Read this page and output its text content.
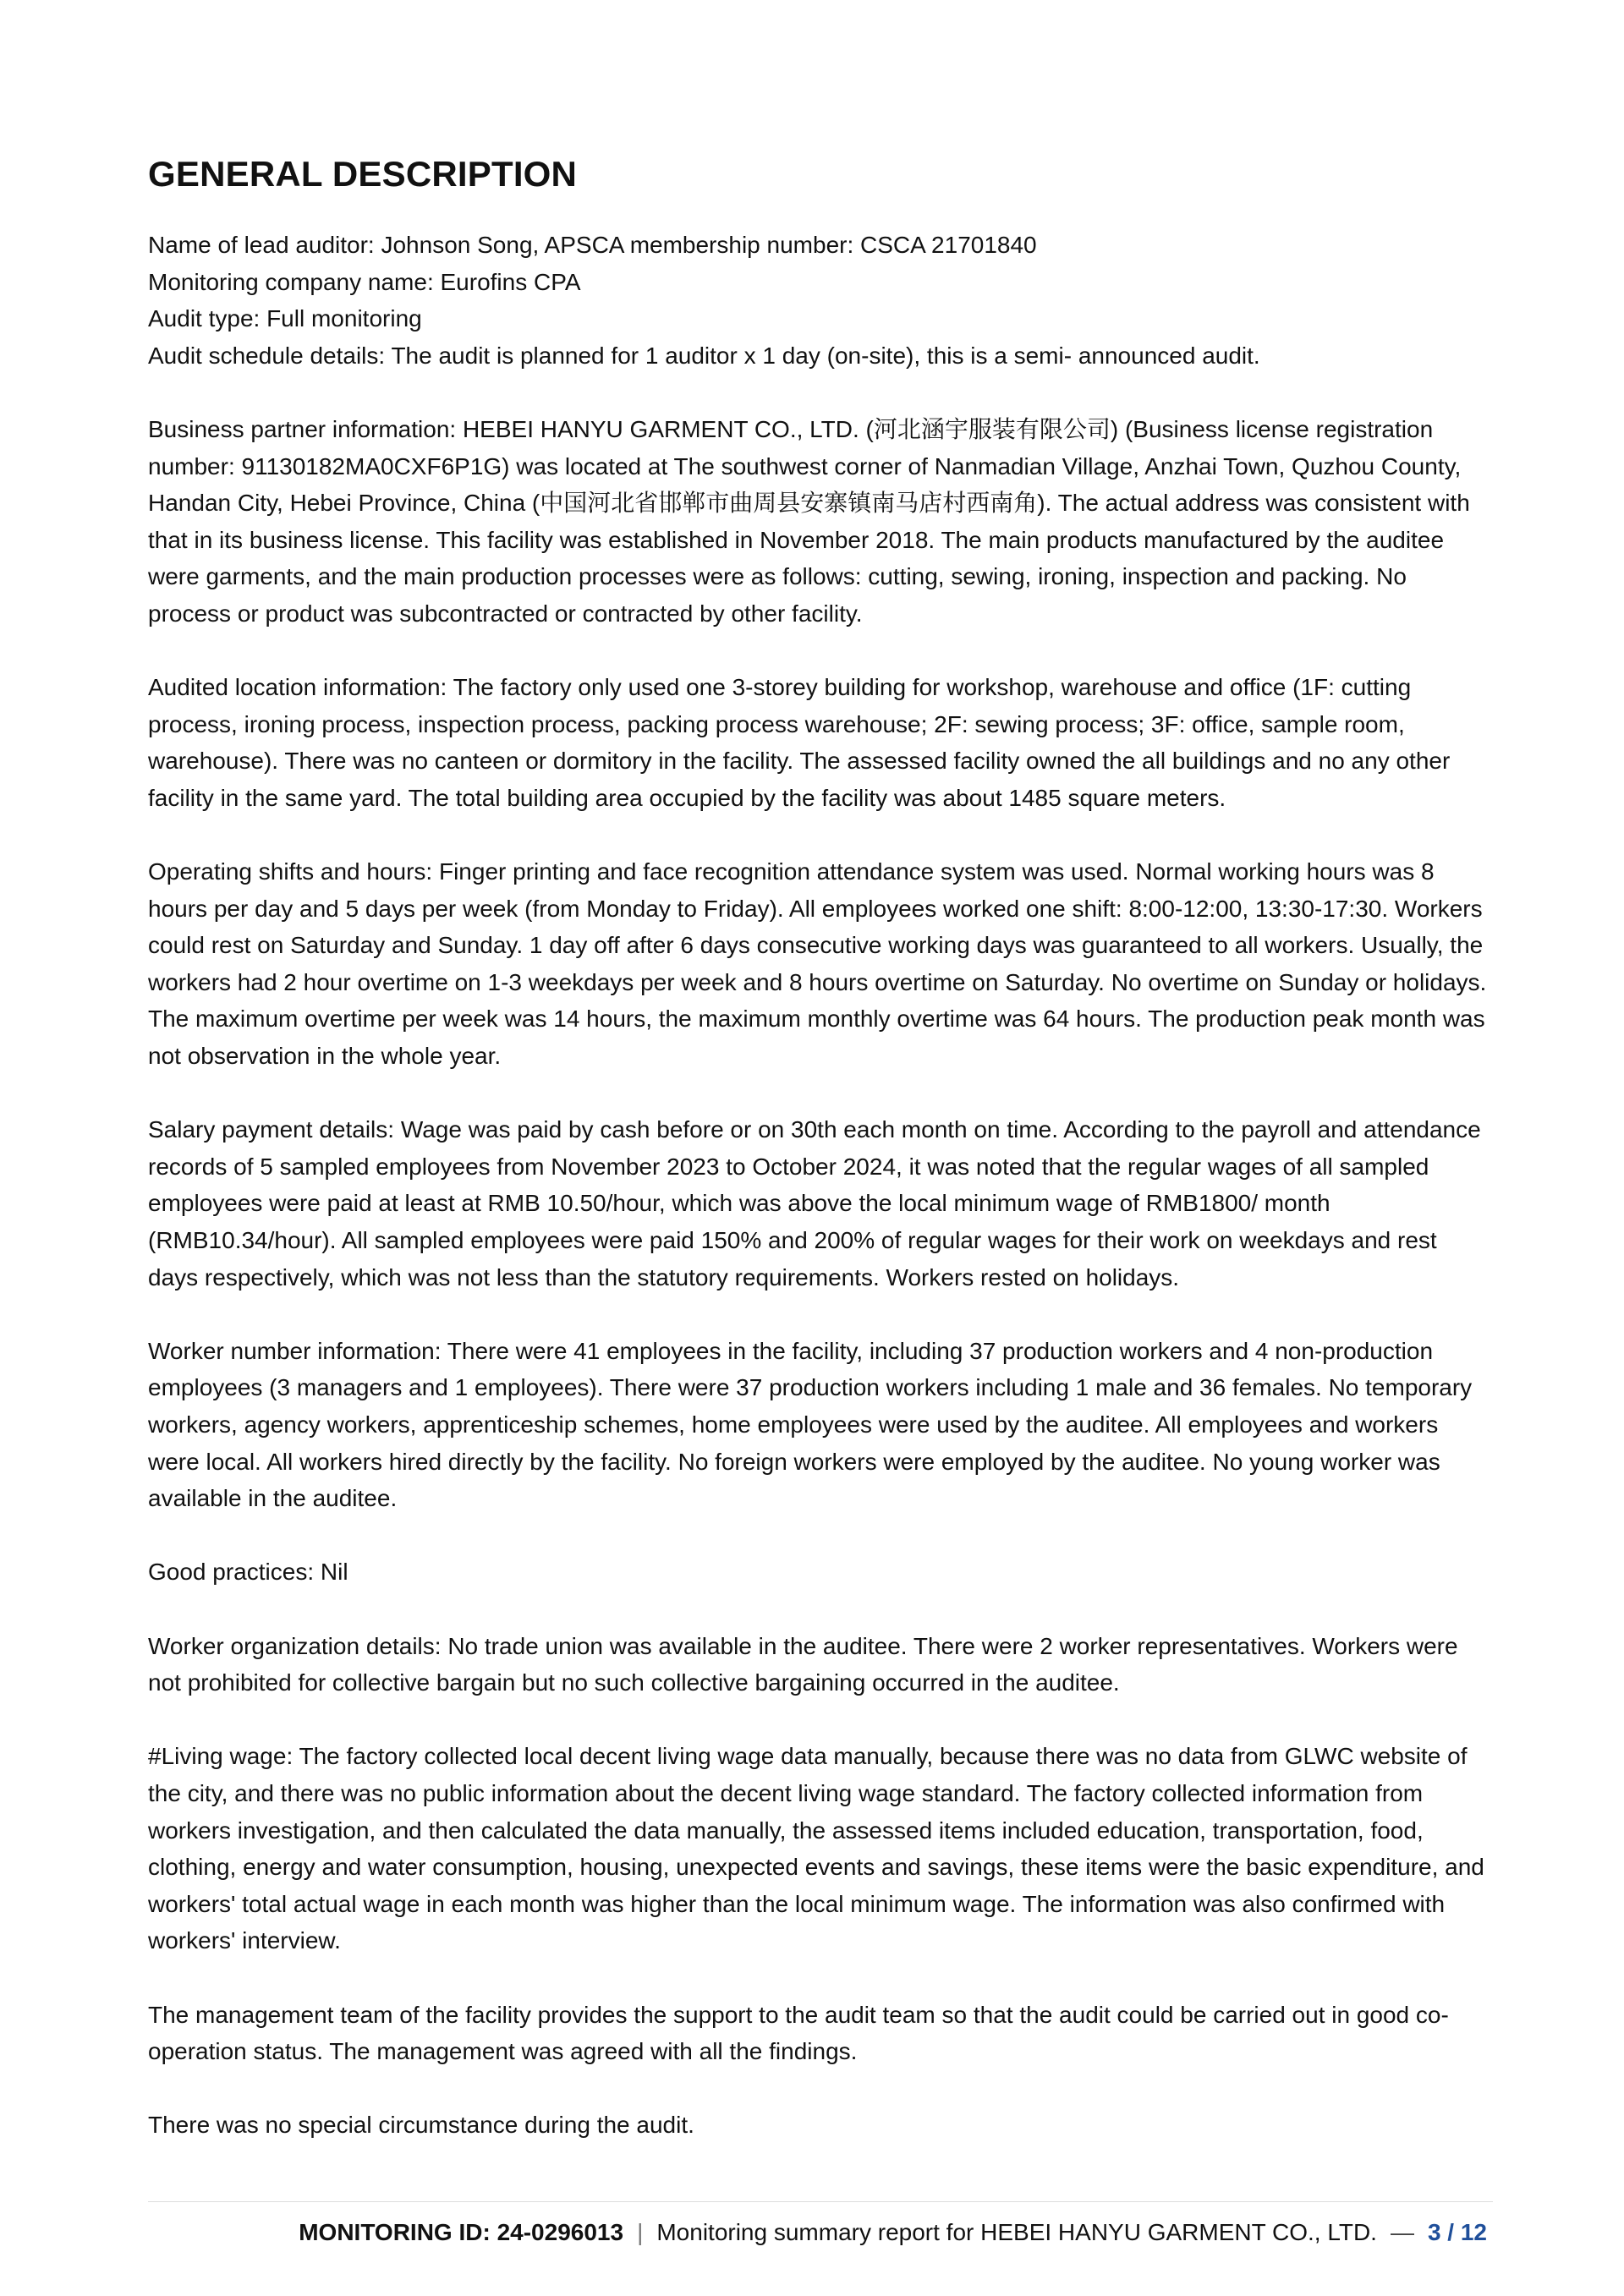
GENERAL DESCRIPTION

Name of lead auditor: Johnson Song, APSCA membership number: CSCA 21701840
Monitoring company name: Eurofins CPA
Audit type: Full monitoring
Audit schedule details: The audit is planned for 1 auditor x 1 day (on-site), this is a semi- announced audit.

Business partner information: HEBEI HANYU GARMENT CO., LTD. (河北涵宇服装有限公司) (Business license registration number: 91130182MA0CXF6P1G) was located at The southwest corner of Nanmadian Village, Anzhai Town, Quzhou County, Handan City, Hebei Province, China (中国河北省邯郸市曲周县安寨镇南马店村西南角). The actual address was consistent with that in its business license. This facility was established in November 2018. The main products manufactured by the auditee were garments, and the main production processes were as follows: cutting, sewing, ironing, inspection and packing. No process or product was subcontracted or contracted by other facility.

Audited location information: The factory only used one 3-storey building for workshop, warehouse and office (1F: cutting process, ironing process, inspection process, packing process warehouse; 2F: sewing process; 3F: office, sample room, warehouse). There was no canteen or dormitory in the facility. The assessed facility owned the all buildings and no any other facility in the same yard. The total building area occupied by the facility was about 1485 square meters.

Operating shifts and hours: Finger printing and face recognition attendance system was used. Normal working hours was 8 hours per day and 5 days per week (from Monday to Friday). All employees worked one shift: 8:00-12:00, 13:30-17:30. Workers could rest on Saturday and Sunday. 1 day off after 6 days consecutive working days was guaranteed to all workers. Usually, the workers had 2 hour overtime on 1-3 weekdays per week and 8 hours overtime on Saturday. No overtime on Sunday or holidays. The maximum overtime per week was 14 hours, the maximum monthly overtime was 64 hours. The production peak month was not observation in the whole year.

Salary payment details: Wage was paid by cash before or on 30th each month on time. According to the payroll and attendance records of 5 sampled employees from November 2023 to October 2024, it was noted that the regular wages of all sampled employees were paid at least at RMB 10.50/hour, which was above the local minimum wage of RMB1800/ month (RMB10.34/hour). All sampled employees were paid 150% and 200% of regular wages for their work on weekdays and rest days respectively, which was not less than the statutory requirements. Workers rested on holidays.

Worker number information: There were 41 employees in the facility, including 37 production workers and 4 non-production employees (3 managers and 1 employees). There were 37 production workers including 1 male and 36 females. No temporary workers, agency workers, apprenticeship schemes, home employees were used by the auditee. All employees and workers were local. All workers hired directly by the facility. No foreign workers were employed by the auditee. No young worker was available in the auditee.

Good practices: Nil

Worker organization details: No trade union was available in the auditee. There were 2 worker representatives. Workers were not prohibited for collective bargain but no such collective bargaining occurred in the auditee.

#Living wage: The factory collected local decent living wage data manually, because there was no data from GLWC website of the city, and there was no public information about the decent living wage standard. The factory collected information from workers investigation, and then calculated the data manually, the assessed items included education, transportation, food, clothing, energy and water consumption, housing, unexpected events and savings, these items were the basic expenditure, and workers' total actual wage in each month was higher than the local minimum wage. The information was also confirmed with workers' interview.

The management team of the facility provides the support to the audit team so that the audit could be carried out in good co-operation status. The management was agreed with all the findings.

There was no special circumstance during the audit.

MONITORING ID: 24-0296013 | Monitoring summary report for HEBEI HANYU GARMENT CO., LTD. — 3 / 12
